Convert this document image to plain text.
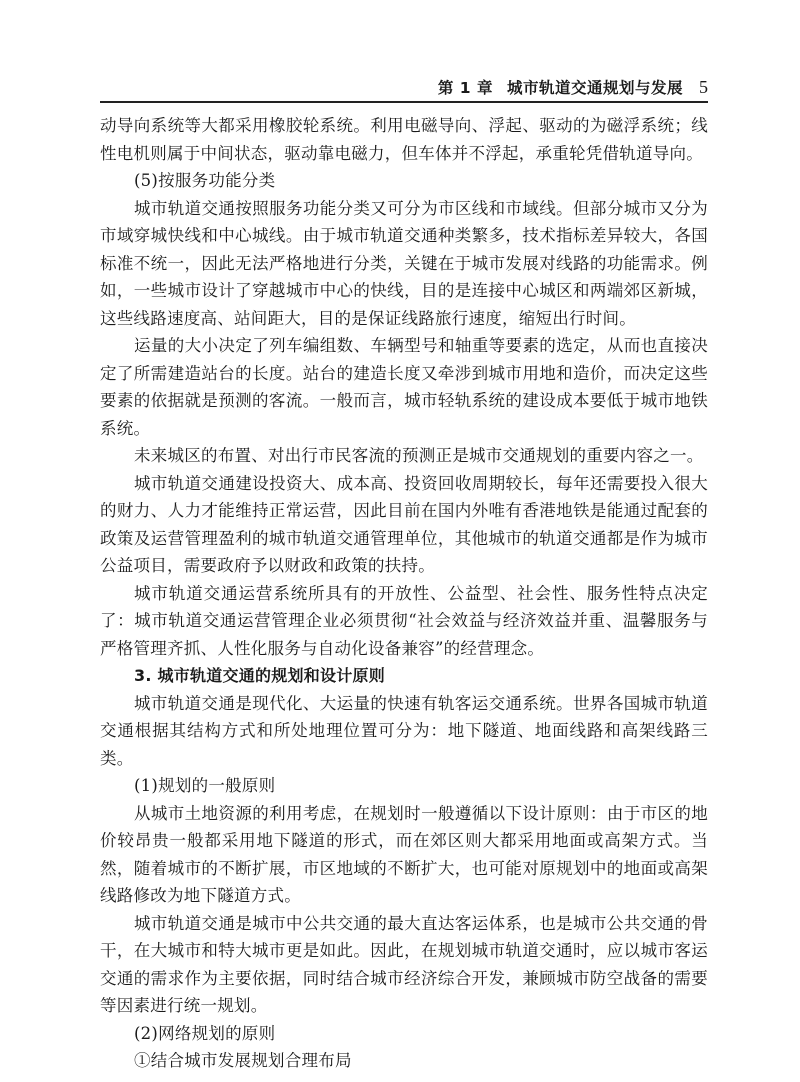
第 1 章 城市轨道交通规划与发展 5

动导向系统等大都采用橡胶轮系统。利用电磁导向、浮起、驱动的为磁浮系统；线性电机则属于中间状态，驱动靠电磁力，但车体并不浮起，承重轮凭借轨道导向。

(5)按服务功能分类

城市轨道交通按照服务功能分类又可分为市区线和市域线。但部分城市又分为市域穿城快线和中心城线。由于城市轨道交通种类繁多，技术指标差异较大，各国标准不统一，因此无法严格地进行分类，关键在于城市发展对线路的功能需求。例如，一些城市设计了穿越城市中心的快线，目的是连接中心城区和两端郊区新城，这些线路速度高、站间距大，目的是保证线路旅行速度，缩短出行时间。

运量的大小决定了列车编组数、车辆型号和轴重等要素的选定，从而也直接决定了所需建造站台的长度。站台的建造长度又牵涉到城市用地和造价，而决定这些要素的依据就是预测的客流。一般而言，城市轻轨系统的建设成本要低于城市地铁系统。

未来城区的布置、对出行市民客流的预测正是城市交通规划的重要内容之一。

城市轨道交通建设投资大、成本高、投资回收周期较长，每年还需要投入很大的财力、人力才能维持正常运营，因此目前在国内外唯有香港地铁是能通过配套的政策及运营管理盈利的城市轨道交通管理单位，其他城市的轨道交通都是作为城市公益项目，需要政府予以财政和政策的扶持。

城市轨道交通运营系统所具有的开放性、公益型、社会性、服务性特点决定了：城市轨道交通运营管理企业必须贯彻“社会效益与经济效益并重、温馨服务与严格管理齐抓、人性化服务与自动化设备兼容”的经营理念。

3. 城市轨道交通的规划和设计原则

城市轨道交通是现代化、大运量的快速有轨客运交通系统。世界各国城市轨道交通根据其结构方式和所处地理位置可分为：地下隧道、地面线路和高架线路三类。

(1)规划的一般原则

从城市土地资源的利用考虑，在规划时一般遵循以下设计原则：由于市区的地价较昂贵一般都采用地下隧道的形式，而在郊区则大都采用地面或高架方式。当然，随着城市的不断扩展，市区地域的不断扩大，也可能对原规划中的地面或高架线路修改为地下隧道方式。

城市轨道交通是城市中公共交通的最大直达客运体系，也是城市公共交通的骨干，在大城市和特大城市更是如此。因此，在规划城市轨道交通时，应以城市客运交通的需求作为主要依据，同时结合城市经济综合开发，兼顾城市防空战备的需要等因素进行统一规划。

(2)网络规划的原则

①结合城市发展规划合理布局
